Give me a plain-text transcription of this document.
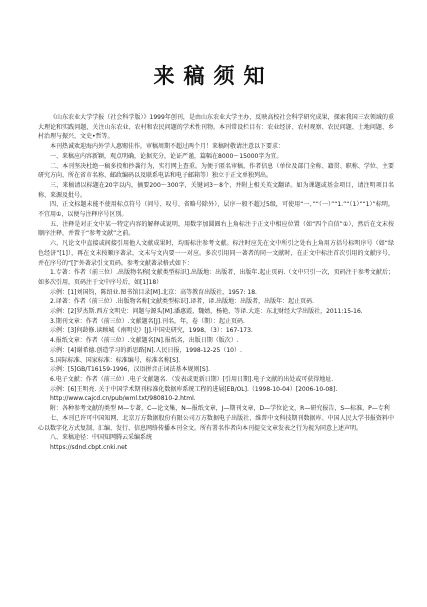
来稿须知

《山东农业大学学报（社会科学版）》1999年创刊，是由山东农业大学主办，反映高校社会科学研究成果，探索我国三农领域的重大理论和实践问题，关注山东农业、农村和农民问题的学术性刊物。本刊常设栏目有：农业经济、农村观察、农民问题、土地问题、乡村治理与振兴、文史•哲等。

本刊热诚欢迎海内外学人惠赐佳作，审稿周期不超过两个月！来稿时敬请注意以下要求：

一、来稿应内容新颖，观点明确，论据充分，论证严谨，篇幅在8000～15000字为宜。

二、本刊坚决杜绝一稿多投和抄袭行为，实行网上查重。为便于匿名审稿，作者信息（单位及部门全称、籍贯、职称、学位、主要研究方向、所在省市名称、邮政编码以及联系电话和电子邮箱等）独立于正文单独列出。

三、来稿请以标题在20字以内，摘要200～300字，关键词3～8个，并附上相关英文翻译。如为课题或基金项目，请注明项目名称、来源及批号。

四、正文标题未能不使用标点符号（问号、叹号、省略号除外），层序一般不超过5级，可使用“一、”“（一）”“1.”“（1）”“1）”标明，不宜用①，以便与注释序号区别。

五、注释是对正文中某一特定内容的解释或说明，用数字加圆圈右上角标注于正文中相应位置（如“四个自信”①），然后在文末按顺序注释，并置于“参考文献”之前。

六、凡论文中直接或间接引用他人文献成果时，均需标注参考文献。标注时应先在文中所引之处右上角用方括号标明序号（如“绿色经济”[1]），再在文末按顺序著录，文末与文内要一一对应。多次引用同一著者的同一文献时，在正文中标注首次引用的文献序号，并在序号的“[]”外著录引文页码。参考文献著录格式如下：

1.专著：作者（前三位）.出版物名称[文献类型标识].出版地：出版者，出版年.起止页码.（文中只引一次，页码注于参考文献后；如多次引用，页码注于文中序号后，如[1]18）

示例：[1]刘国钧，陈绍业.图书馆目录[M].北京：高等教育出版社，1957: 18.

2.译著：作者（前三位）.出版物名称[文献类型标识].译者，译.出版地：出版者，出版年：起止页码.

示例：[2]罗杰斯.西方文明史：问题与源头[M].潘惠霞，魏婧，杨艳，等译.大连：东北财经大学出版社，2011:15-16.

3.期刊文章：作者（前三位）.文献题名[J].刊名，年，卷（期）：起止页码.

示例：[3]何龄修.读顾城《南明史》[J].中国史研究，1998，（3）：167-173.

4.报纸文章：作者（前三位）.文献题名[N].报纸名，出版日期（版次）.

示例：[4]谢希德.创造学习的新思路[N].人民日报，1998-12-25（10）.

5.国际标准、国家标准：标准编号，标准名称[S].

示例：[5]GB/T16159-1996，汉语拼音正词法基本规则[S].

6.电子文献：作者（前三位）.电子文献题名．（发表或更新日期）[引用日期].电子文献的出处或可获得地址.

示例：[6]王明亮. 关于中国学术期刊标准化数据库系统工程的进展[EB/OL].（1998-10-04）[2006-10-08].

http://www.cajcd.cn/pub/wml.txt/980810-2.html.

附：各种参考文献的类型 M—专著，C—论文集，N—报纸文章，J—期刊文章，D—学位论文，R—研究报告，S—标准，P—专利

七、本刊已许可中国知网、北京万方数据股份有限公司万方数据电子出版社、维普中文科技期刊数据库、中国人民大学书报资料中心以数字化方式复制、汇编、发行、信息网络传播本刊全文。所有署名作者向本刊提交文章发表之行为视为同意上述声明。

八、来稿途径：中国知网腾云采编系统

https://sdnd.cbpt.cnki.net
